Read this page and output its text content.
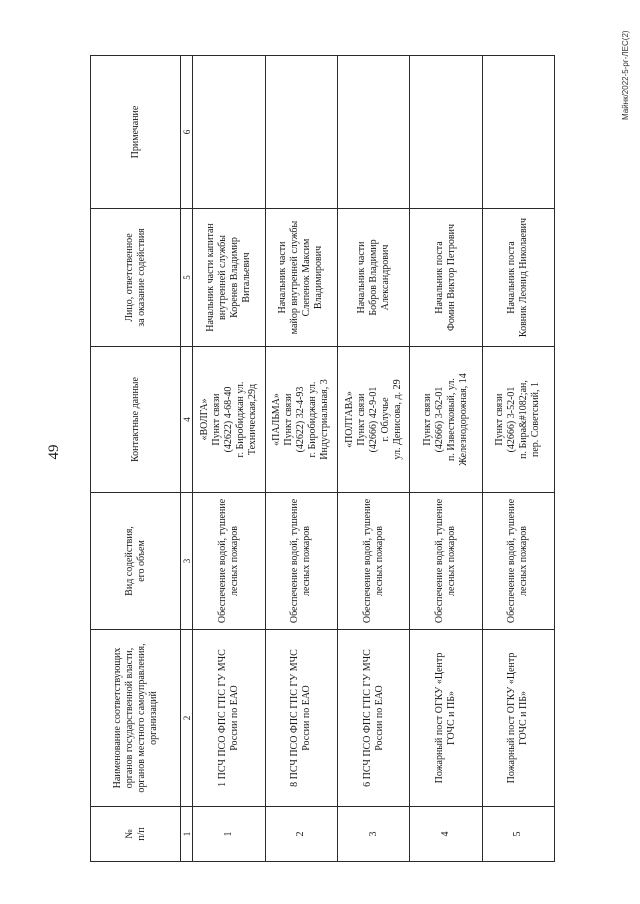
49
Майнк/2022-5-рг-ЛЕС(2)
№
п/п	Наименование соответствующих
органов государственной власти,
органов местного самоуправления,
организаций	Вид содействия,
его объем	Контактные данные	Лицо, ответственное
за оказание содействия	Примечание
1	2	3	4	5	6
1	1 ПСЧ ПСО ФПС ГПС ГУ МЧС
России по ЕАО	Обеспечение водой, тушение
лесных пожаров	«ВОЛГА»
Пункт связи
(42622) 4-68-40
г. Биробиджан ул.
Техническая,29д	Начальник части капитан
внутренней службы
Коренев Владимир
Витальевич	
2	8 ПСЧ ПСО ФПС ГПС ГУ МЧС
России по ЕАО	Обеспечение водой, тушение
лесных пожаров	«ПАЛЬМА»
Пункт связи
(42622) 32-4-93
г. Биробиджан ул.
Индустриальная, 3	Начальник части
майор внутренней службы
Слепенок Максим
Владимирович	
3	6 ПСЧ ПСО ФПС ГПС ГУ МЧС
России по ЕАО	Обеспечение водой, тушение
лесных пожаров	«ПОЛТАВА»
Пункт связи
(42666) 42-9-01
г. Облучье
ул. Денисова, д. 29	Начальник части
Бобров Владимир
Александрович	
4	Пожарный пост ОГКУ «Центр
ГОЧС и ПБ»	Обеспечение водой, тушение
лесных пожаров	Пункт связи
(42666) 3-62-01
п. Известковый, ул.
Железнодорожная, 14	Начальник поста
Фомин Виктор Петрович	
5	Пожарный пост ОГКУ «Центр
ГОЧС и ПБ»	Обеспечение водой, тушение
лесных пожаров	Пункт связи
(42666) 3-52-01
п. Бира&#1082;ан,
пер. Советский, 1	Начальник поста
Ковник Леонид Николаевич	
